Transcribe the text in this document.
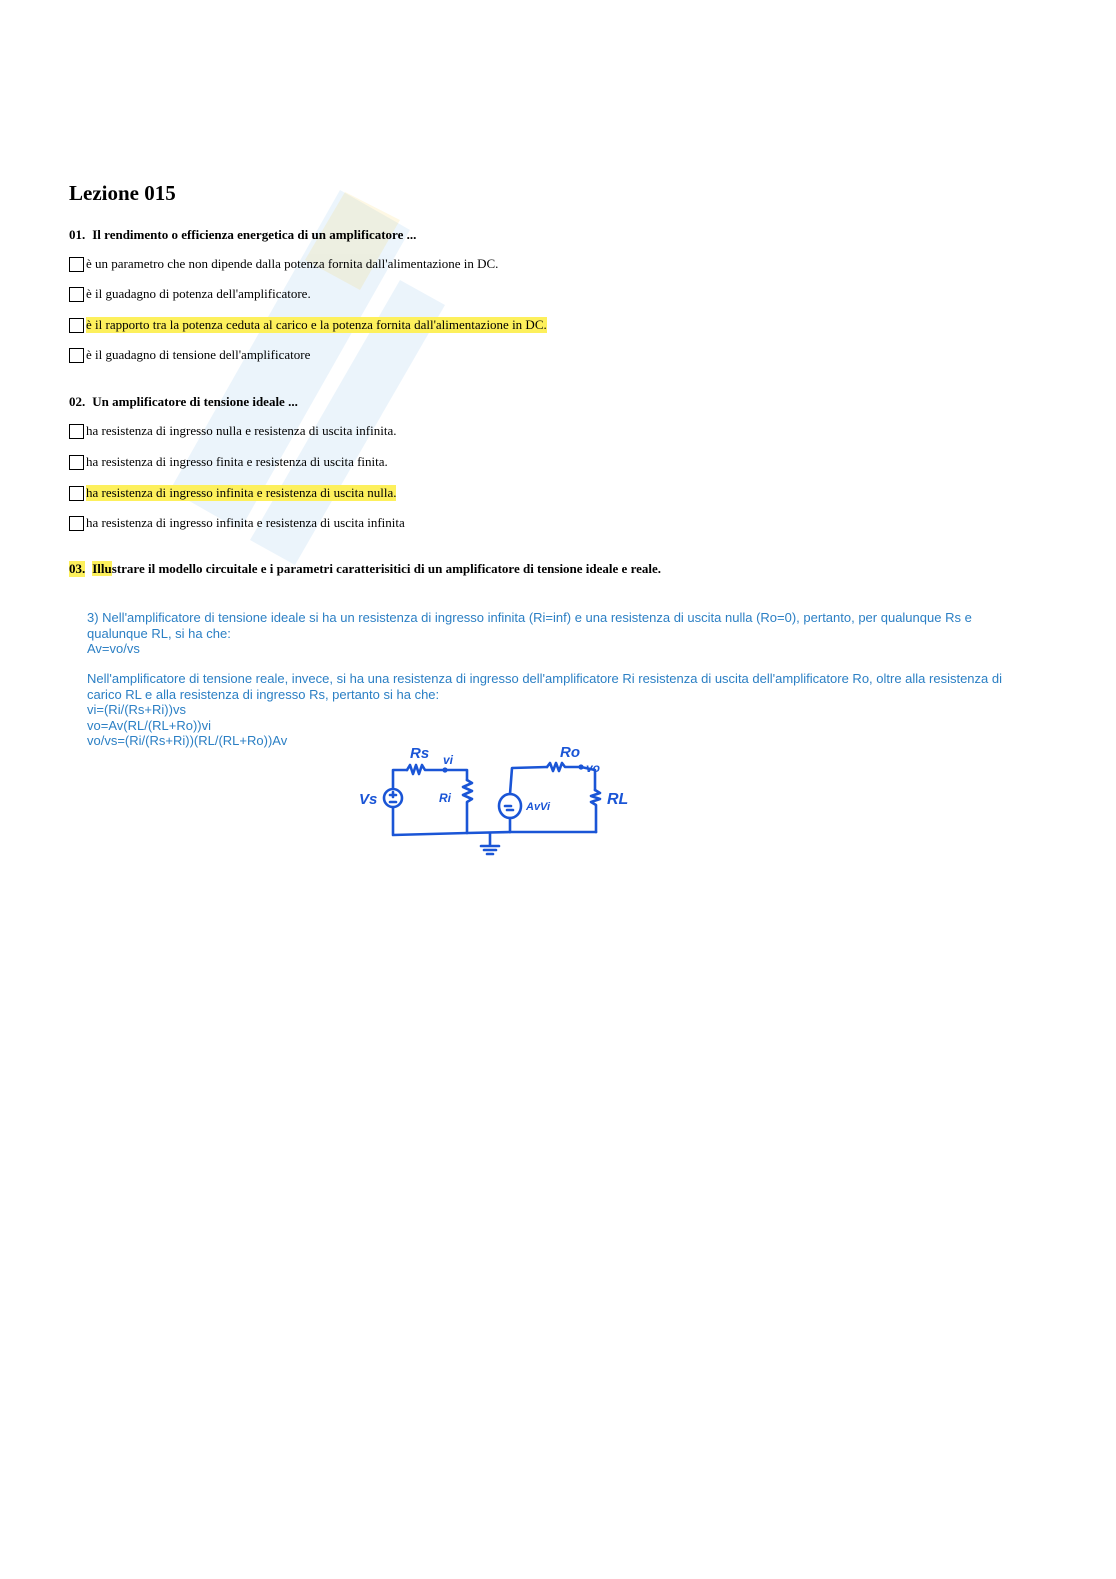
Lezione 015
01. Il rendimento o efficienza energetica di un amplificatore ...
è un parametro che non dipende dalla potenza fornita dall'alimentazione in DC.
è il guadagno di potenza dell'amplificatore.
è il rapporto tra la potenza ceduta al carico e la potenza fornita dall'alimentazione in DC.
è il guadagno di tensione dell'amplificatore
02. Un amplificatore di tensione ideale ...
ha resistenza di ingresso nulla e resistenza di uscita infinita.
ha resistenza di ingresso finita e resistenza di uscita finita.
ha resistenza di ingresso infinita e resistenza di uscita nulla.
ha resistenza di ingresso infinita e resistenza di uscita infinita
03. Illustrare il modello circuitale e i parametri caratterisitici di un amplificatore di tensione ideale e reale.
3) Nell'amplificatore di tensione ideale si ha un resistenza di ingresso infinita (Ri=inf) e una resistenza di uscita nulla (Ro=0), pertanto, per qualunque Rs e
qualunque RL, si ha che:
Av=vo/vs
Nell'amplificatore di tensione reale, invece, si ha una resistenza di ingresso dell'amplificatore Ri resistenza di uscita dell'amplificatore Ro, oltre alla resistenza di
carico RL e alla resistenza di ingresso Rs, pertanto si ha che:
vi=(Ri/(Rs+Ri))vs
vo=Av(RL/(RL+Ro))vi
vo/vs=(Ri/(Rs+Ri))(RL/(RL+Ro))Av
Rs vi
Vs	Ri
Ro
vo
AvVi	RL
